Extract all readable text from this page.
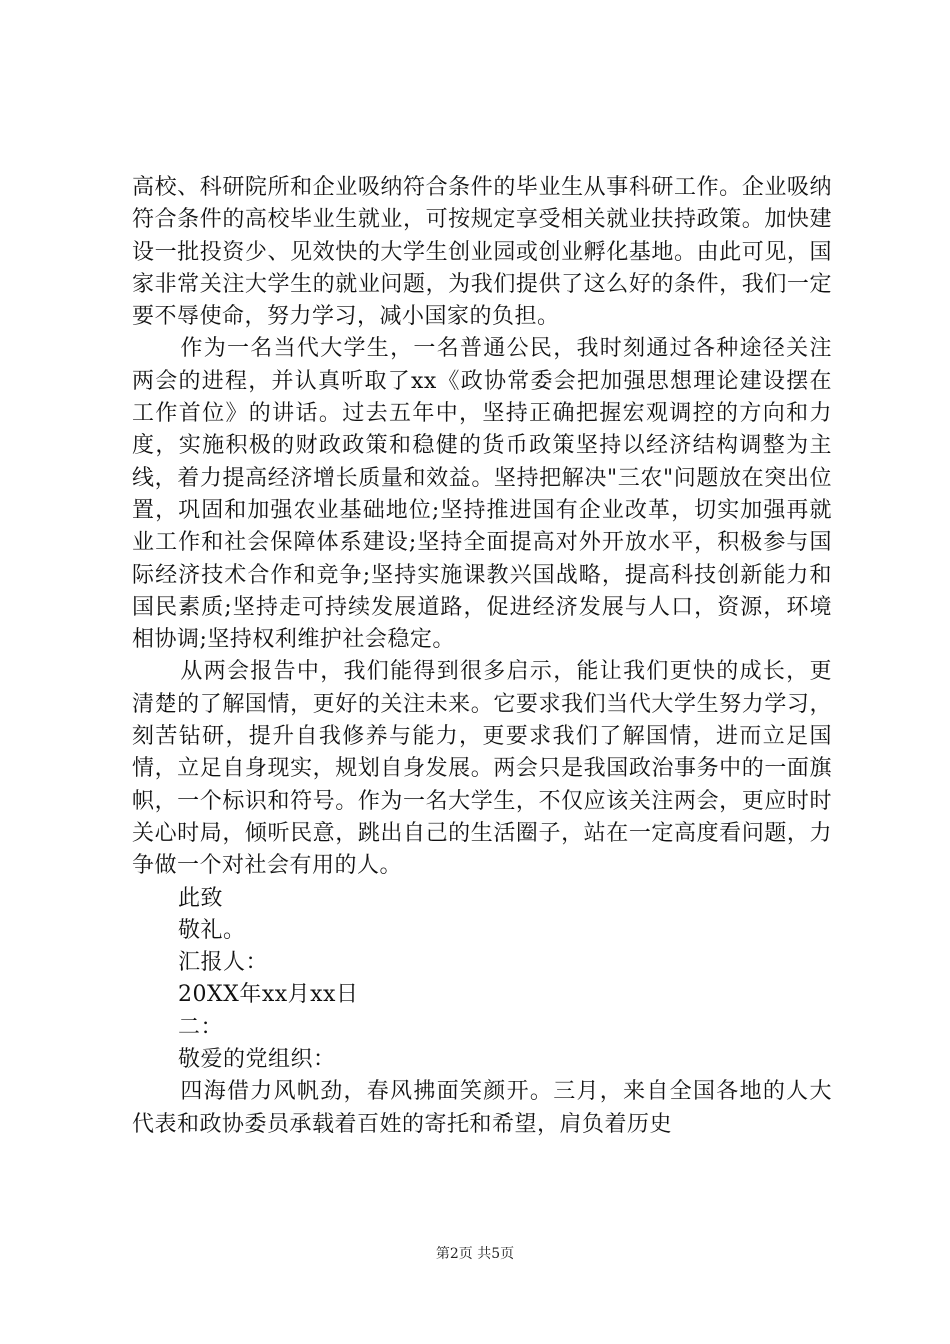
高校、科研院所和企业吸纳符合条件的毕业生从事科研工作。企业吸纳符合条件的高校毕业生就业，可按规定享受相关就业扶持政策。加快建设一批投资少、见效快的大学生创业园或创业孵化基地。由此可见，国家非常关注大学生的就业问题，为我们提供了这么好的条件，我们一定要不辱使命，努力学习，减小国家的负担。

作为一名当代大学生，一名普通公民，我时刻通过各种途径关注两会的进程，并认真听取了xx《政协常委会把加强思想理论建设摆在工作首位》的讲话。过去五年中，坚持正确把握宏观调控的方向和力度，实施积极的财政政策和稳健的货币政策坚持以经济结构调整为主线，着力提高经济增长质量和效益。坚持把解决"三农"问题放在突出位置，巩固和加强农业基础地位;坚持推进国有企业改革，切实加强再就业工作和社会保障体系建设;坚持全面提高对外开放水平，积极参与国际经济技术合作和竞争;坚持实施课教兴国战略，提高科技创新能力和国民素质;坚持走可持续发展道路，促进经济发展与人口，资源，环境相协调;坚持权利维护社会稳定。

从两会报告中，我们能得到很多启示，能让我们更快的成长，更清楚的了解国情，更好的关注未来。它要求我们当代大学生努力学习，刻苦钻研，提升自我修养与能力，更要求我们了解国情，进而立足国情，立足自身现实，规划自身发展。两会只是我国政治事务中的一面旗帜，一个标识和符号。作为一名大学生，不仅应该关注两会，更应时时关心时局，倾听民意，跳出自己的生活圈子，站在一定高度看问题，力争做一个对社会有用的人。

此致

敬礼。

汇报人：

20XX年xx月xx日

二：

敬爱的党组织：

四海借力风帆劲，春风拂面笑颜开。三月，来自全国各地的人大代表和政协委员承载着百姓的寄托和希望，肩负着历史

第2页 共5页
